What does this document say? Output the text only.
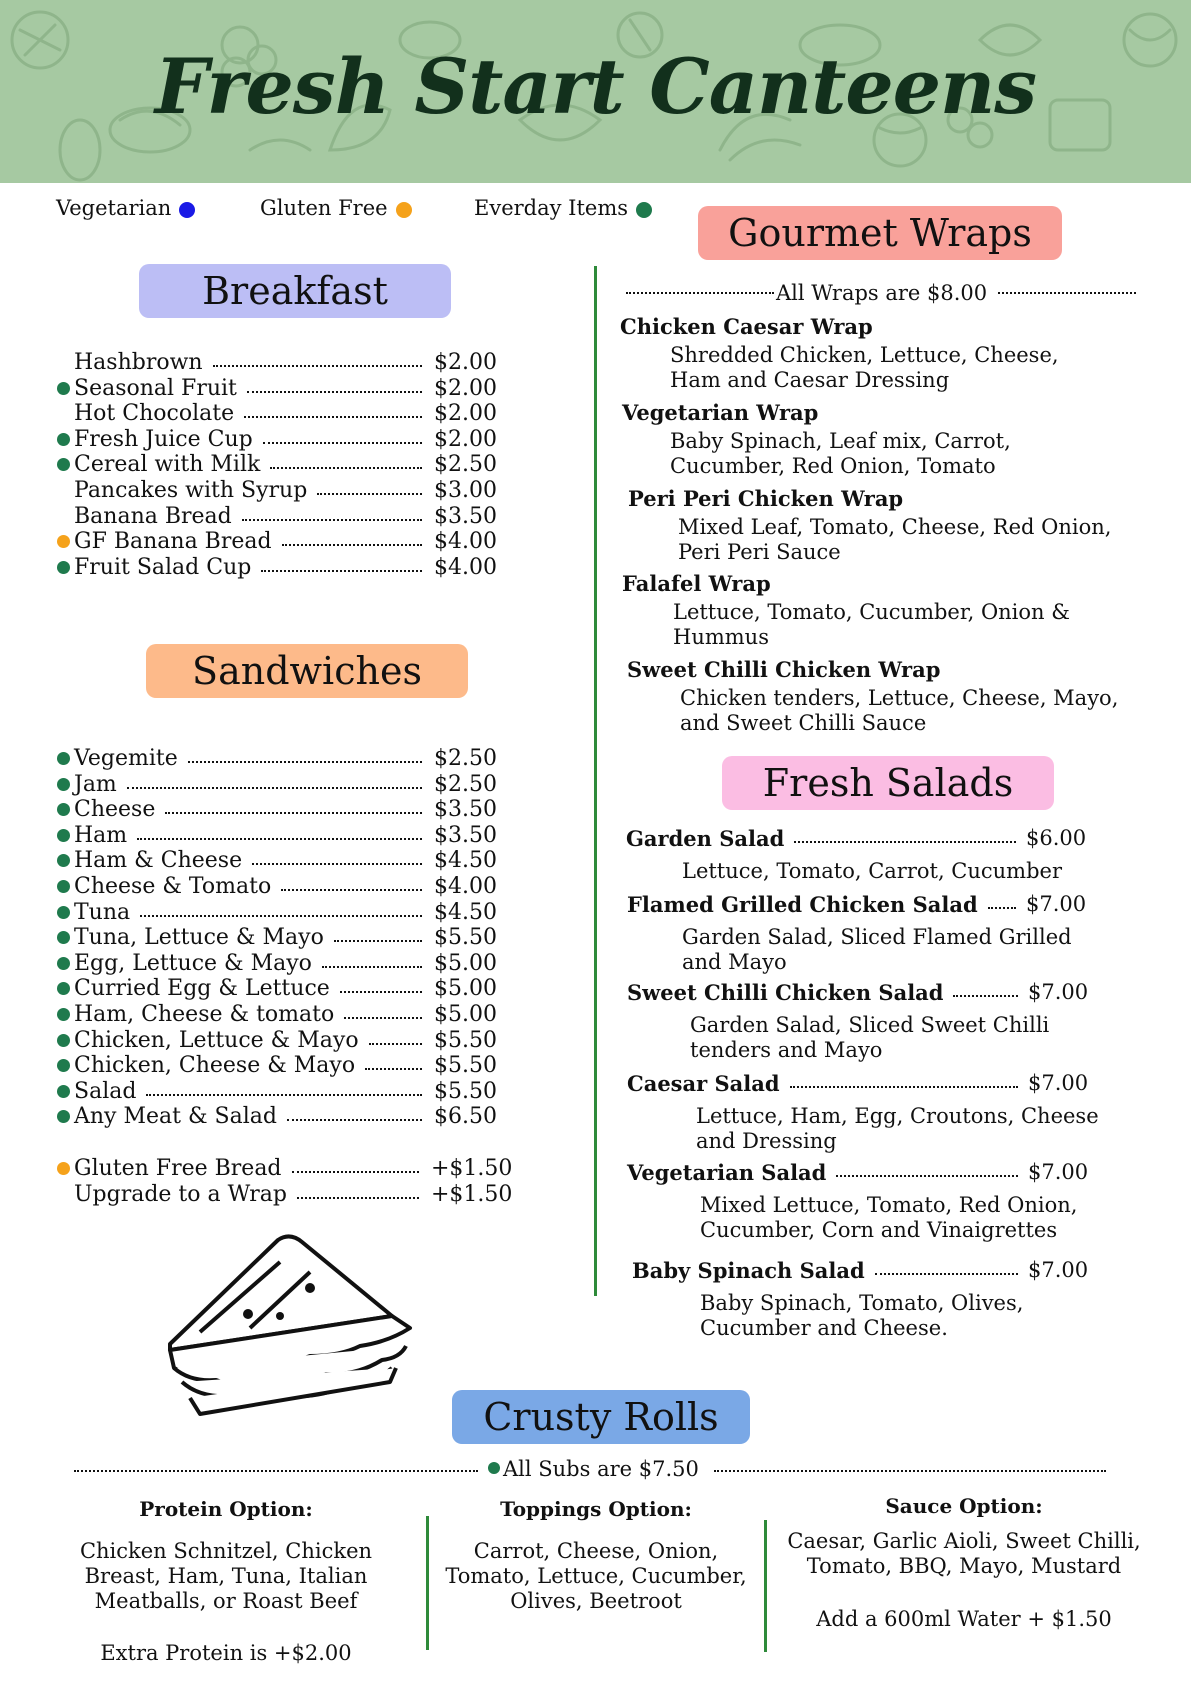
Fresh Start Canteens
Vegetarian	Gluten Free	Everday Items
Breakfast
Sandwiches
Gourmet Wraps
Fresh Salads
Crusty Rolls
Hashbrown	$2.00
Seasonal Fruit	$2.00
Hot Chocolate	$2.00
Fresh Juice Cup	$2.00
Cereal with Milk	$2.50
Pancakes with Syrup	$3.00
Banana Bread	$3.50
GF Banana Bread	$4.00
Fruit Salad Cup	$4.00
Vegemite	$2.50
Jam	$2.50
Cheese	$3.50
Ham	$3.50
Ham & Cheese	$4.50
Cheese & Tomato	$4.00
Tuna	$4.50
Tuna, Lettuce & Mayo	$5.50
Egg, Lettuce & Mayo	$5.00
Curried Egg & Lettuce	$5.00
Ham, Cheese & tomato	$5.00
Chicken, Lettuce & Mayo	$5.50
Chicken, Cheese & Mayo	$5.50
Salad	$5.50
Any Meat & Salad	$6.50
Gluten Free Bread	+$1.50
Upgrade to a Wrap	+$1.50
All Wraps are $8.00
Chicken Caesar Wrap
Shredded Chicken, Lettuce, Cheese,
Ham and Caesar Dressing
Vegetarian Wrap
Baby Spinach, Leaf mix, Carrot,
Cucumber, Red Onion, Tomato
Peri Peri Chicken Wrap
Mixed Leaf, Tomato, Cheese, Red Onion,
Peri Peri Sauce
Falafel Wrap
Lettuce, Tomato, Cucumber, Onion &
Hummus
Sweet Chilli Chicken Wrap
Chicken tenders, Lettuce, Cheese, Mayo,
and Sweet Chilli Sauce
Garden Salad	$6.00
Lettuce, Tomato, Carrot, Cucumber
Flamed Grilled Chicken Salad $7.00
Garden Salad, Sliced Flamed Grilled
and Mayo
Sweet Chilli Chicken Salad	$7.00
Garden Salad, Sliced Sweet Chilli
tenders and Mayo
Caesar Salad	$7.00
Lettuce, Ham, Egg, Croutons, Cheese
and Dressing
Vegetarian Salad	$7.00
Mixed Lettuce, Tomato, Red Onion,
Cucumber, Corn and Vinaigrettes
Baby Spinach Salad	$7.00
Baby Spinach, Tomato, Olives,
Cucumber and Cheese.
All Subs are $7.50
Protein Option:
Chicken Schnitzel, Chicken
Breast, Ham, Tuna, Italian
Meatballs, or Roast Beef
Extra Protein is +$2.00
Toppings Option:
Carrot, Cheese, Onion,
Tomato, Lettuce, Cucumber,
Olives, Beetroot
Sauce Option:
Caesar, Garlic Aioli, Sweet Chilli,
Tomato, BBQ, Mayo, Mustard
Add a 600ml Water + $1.50
